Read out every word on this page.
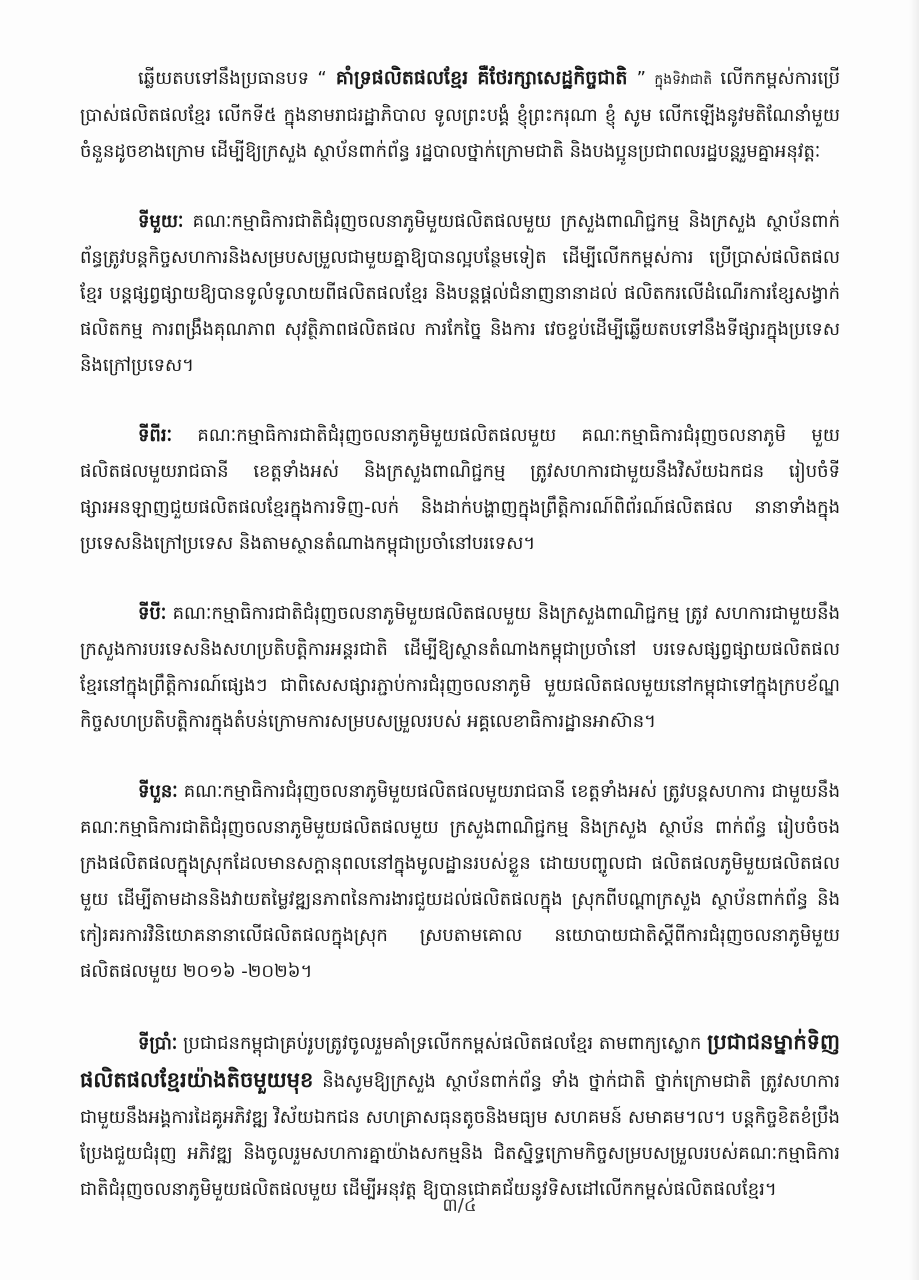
ឆ្លើយតបទៅនឹងប្រធានបទ “ គាំទ្រផលិតផលខ្មែរ គឺថែរក្សាសេដ្ឋកិច្ចជាតិ ” ក្នុងទិវាជាតិ លើកកម្ពស់ការប្រើប្រាស់ផលិតផលខ្មែរ លើកទី៥ ក្នុងនាមរាជរដ្ឋាភិបាល ទូលព្រះបង្គំ ខ្ញុំព្រះករុណា ខ្ញុំ សូម លើកឡើងនូវមតិណែនាំមួយចំនួនដូចខាងក្រោម ដើម្បីឱ្យក្រសួង ស្ថាប័នពាក់ព័ន្ធ រដ្ឋបាលថ្នាក់ក្រោមជាតិ និងបងប្អូនប្រជាពលរដ្ឋបន្តរួមគ្នាអនុវត្តៈ

ទីមួយៈ គណៈកម្មាធិការជាតិជំរុញចលនាភូមិមួយផលិតផលមួយ ក្រសួងពាណិជ្ជកម្ម និងក្រសួង ស្ថាប័នពាក់ព័ន្ធត្រូវបន្តកិច្ចសហការនិងសម្របសម្រួលជាមួយគ្នាឱ្យបានល្អបន្ថែមទៀត ដើម្បីលើកកម្ពស់ការ ប្រើប្រាស់ផលិតផលខ្មែរ បន្តផ្សព្វផ្សាយឱ្យបានទូលំទូលាយពីផលិតផលខ្មែរ និងបន្តផ្ដល់ជំនាញនានាដល់ ផលិតករលើដំណើរការខ្សែសង្វាក់ផលិតកម្ម ការពង្រឹងគុណភាព សុវត្ថិភាពផលិតផល ការកែច្នៃ និងការ វេចខ្ចប់ដើម្បីឆ្លើយតបទៅនឹងទីផ្សារក្នុងប្រទេសនិងក្រៅប្រទេស។

ទីពីរៈ គណៈកម្មាធិការជាតិជំរុញចលនាភូមិមួយផលិតផលមួយ គណៈកម្មាធិការជំរុញចលនាភូមិ មួយផលិតផលមួយរាជធានី ខេត្តទាំងអស់ និងក្រសួងពាណិជ្ជកម្ម ត្រូវសហការជាមួយនឹងវិស័យឯកជន រៀបចំទីផ្សារអនឡាញជួយផលិតផលខ្មែរក្នុងការទិញ-លក់ និងដាក់បង្ហាញក្នុងព្រឹត្តិការណ៍ពិព័រណ៍ផលិតផល នានាទាំងក្នុងប្រទេសនិងក្រៅប្រទេស និងតាមស្ថានតំណាងកម្ពុជាប្រចាំនៅបរទេស។

ទីបីៈ គណៈកម្មាធិការជាតិជំរុញចលនាភូមិមួយផលិតផលមួយ និងក្រសួងពាណិជ្ជកម្ម ត្រូវ សហការជាមួយនឹងក្រសួងការបរទេសនិងសហប្រតិបត្តិការអន្តរជាតិ ដើម្បីឱ្យស្ថានតំណាងកម្ពុជាប្រចាំនៅ បរទេសផ្សព្វផ្សាយផលិតផលខ្មែរនៅក្នុងព្រឹត្តិការណ៍ផ្សេងៗ ជាពិសេសផ្សារភ្ជាប់ការជំរុញចលនាភូមិ មួយផលិតផលមួយនៅកម្ពុជាទៅក្នុងក្របខ័ណ្ឌកិច្ចសហប្រតិបត្តិការក្នុងតំបន់ក្រោមការសម្របសម្រួលរបស់ អគ្គលេខាធិការដ្ឋានអាស៊ាន។

ទីបួនៈ គណៈកម្មាធិការជំរុញចលនាភូមិមួយផលិតផលមួយរាជធានី ខេត្តទាំងអស់ ត្រូវបន្តសហការ ជាមួយនឹងគណៈកម្មាធិការជាតិជំរុញចលនាភូមិមួយផលិតផលមួយ ក្រសួងពាណិជ្ជកម្ម និងក្រសួង ស្ថាប័ន ពាក់ព័ន្ធ រៀបចំចងក្រងផលិតផលក្នុងស្រុកដែលមានសក្ដានុពលនៅក្នុងមូលដ្ឋានរបស់ខ្លួន ដោយបញ្ចូលជា ផលិតផលភូមិមួយផលិតផលមួយ ដើម្បីតាមដាននិងវាយតម្លៃវឌ្ឍនភាពនៃការងារជួយដល់ផលិតផលក្នុង ស្រុកពីបណ្ដាក្រសួង ស្ថាប័នពាក់ព័ន្ធ និងកៀរគរការវិនិយោគនានាលើផលិតផលក្នុងស្រុក ស្របតាមគោល នយោបាយជាតិស្ដីពីការជំរុញចលនាភូមិមួយផលិតផលមួយ ២០១៦ -២០២៦។

ទីប្រាំៈ ប្រជាជនកម្ពុជាគ្រប់រូបត្រូវចូលរួមគាំទ្រលើកកម្ពស់ផលិតផលខ្មែរ តាមពាក្យស្លោក ប្រជាជនម្នាក់ទិញផលិតផលខ្មែរយ៉ាងតិចមួយមុខ និងសូមឱ្យក្រសួង ស្ថាប័នពាក់ព័ន្ធ ទាំង ថ្នាក់ជាតិ ថ្នាក់ក្រោមជាតិ ត្រូវសហការជាមួយនឹងអង្គការដៃគូអភិវឌ្ឍ វិស័យឯកជន សហគ្រាសធុនតូចនិងមធ្យម សហគមន៍ សមាគម។ល។ បន្តកិច្ចខិតខំប្រឹងប្រែងជួយជំរុញ អភិវឌ្ឍ និងចូលរួមសហការគ្នាយ៉ាងសកម្មនិង ជិតស្និទ្ធក្រោមកិច្ចសម្របសម្រួលរបស់គណៈកម្មាធិការជាតិជំរុញចលនាភូមិមួយផលិតផលមួយ ដើម្បីអនុវត្ត ឱ្យបានជោគជ័យនូវទិសដៅលើកកម្ពស់ផលិតផលខ្មែរ។

៣/៤
